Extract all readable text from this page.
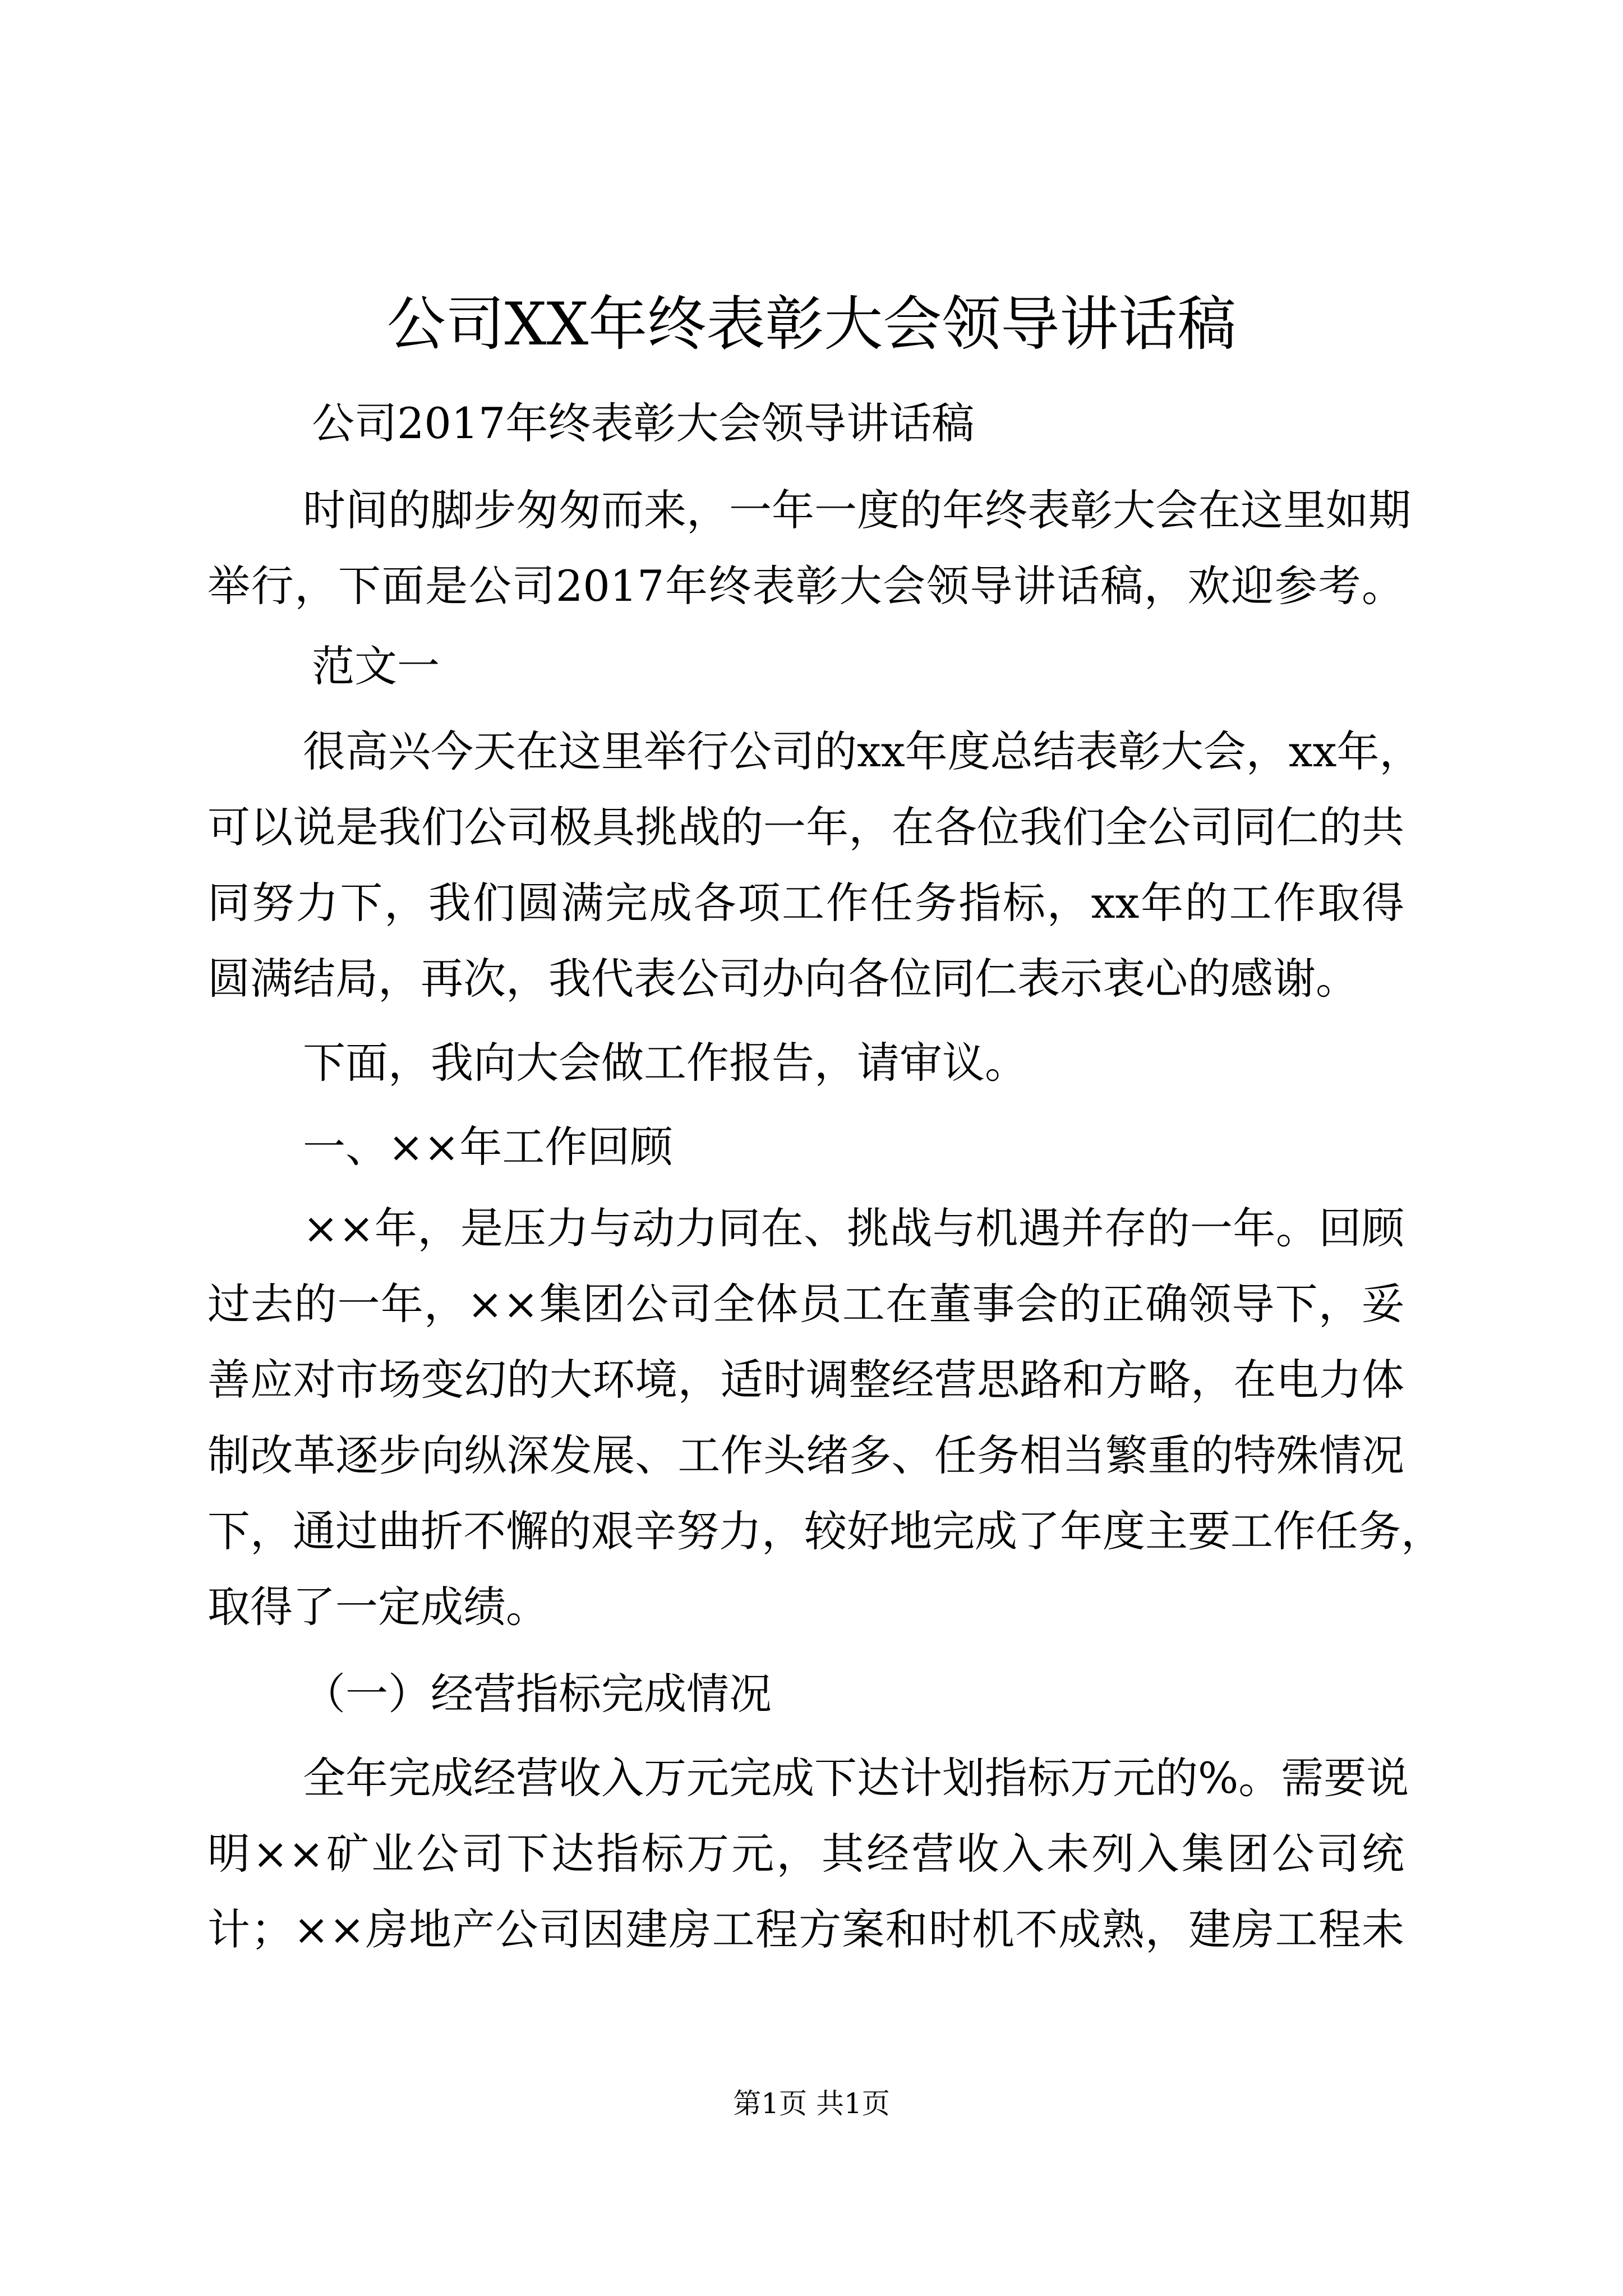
公司XX年终表彰大会领导讲话稿
公司2017年终表彰大会领导讲话稿
时间的脚步匆匆而来，一年一度的年终表彰大会在这里如期
举行，下面是公司2017年终表彰大会领导讲话稿，欢迎参考。
范文一
很高兴今天在这里举行公司的xx年度总结表彰大会，xx年，
可以说是我们公司极具挑战的一年，在各位我们全公司同仁的共
同努力下，我们圆满完成各项工作任务指标，xx年的工作取得
圆满结局，再次，我代表公司办向各位同仁表示衷心的感谢。
下面，我向大会做工作报告，请审议。
一、××年工作回顾
××年，是压力与动力同在、挑战与机遇并存的一年。回顾
过去的一年，××集团公司全体员工在董事会的正确领导下，妥
善应对市场变幻的大环境，适时调整经营思路和方略，在电力体
制改革逐步向纵深发展、工作头绪多、任务相当繁重的特殊情况
下，通过曲折不懈的艰辛努力，较好地完成了年度主要工作任务，
取得了一定成绩。
（一）经营指标完成情况
全年完成经营收入万元完成下达计划指标万元的%。需要说
明××矿业公司下达指标万元，其经营收入未列入集团公司统
计；××房地产公司因建房工程方案和时机不成熟，建房工程未
第1页 共1页
